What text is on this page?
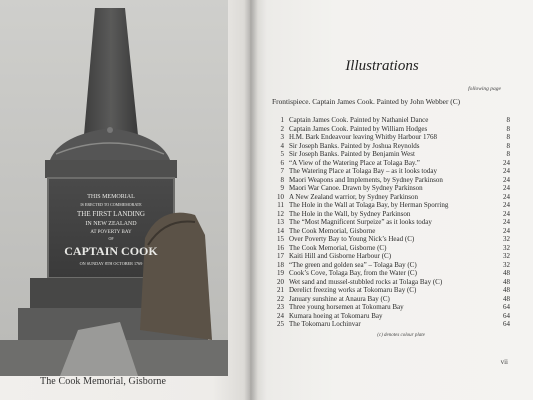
THIS MEMORIAL
IS ERECTED TO COMMEMORATE
THE FIRST LANDING
IN NEW ZEALAND
AT POVERTY BAY
OF
CAPTAIN COOK
ON SUNDAY 8TH OCTOBER 1769
The Cook Memorial, Gisborne
Illustrations
following page
Frontispiece. Captain James Cook. Painted by John Webber (C)
1 Captain James Cook. Painted by Nathaniel Dance	8
2 Captain James Cook. Painted by William Hodges	8
3 H.M. Bark Endeavour leaving Whitby Harbour 1768	8
4 Sir Joseph Banks. Painted by Joshua Reynolds	8
5 Sir Joseph Banks. Painted by Benjamin West	8
6 “A View of the Watering Place at Tolaga Bay.”	24
7 The Watering Place at Tolaga Bay – as it looks today	24
8 Maori Weapons and Implements, by Sydney Parkinson	24
9 Maori War Canoe. Drawn by Sydney Parkinson	24
10 A New Zealand warrior, by Sydney Parkinson	24
11 The Hole in the Wall at Tolaga Bay, by Herman Sporring	24
12 The Hole in the Wall, by Sydney Parkinson	24
13 The “Most Magnificent Surpeize” as it looks today	24
14 The Cook Memorial, Gisborne	24
15 Over Poverty Bay to Young Nick’s Head (C)	32
16 The Cook Memorial, Gisborne (C)	32
17 Kaiti Hill and Gisborne Harbour (C)	32
18 “The green and golden sea” – Tolaga Bay (C)	32
19 Cook’s Cove, Tolaga Bay, from the Water (C)	48
20 Wet sand and mussel-stubbled rocks at Tolaga Bay (C)	48
21 Derelict freezing works at Tokomaru Bay (C)	48
22 January sunshine at Anaura Bay (C)	48
23 Three young horsemen at Tokomaru Bay	64
24 Kumara hoeing at Tokomaru Bay	64
25 The Tokomaru Lochinvar	64
(c) denotes colour plate
vii
